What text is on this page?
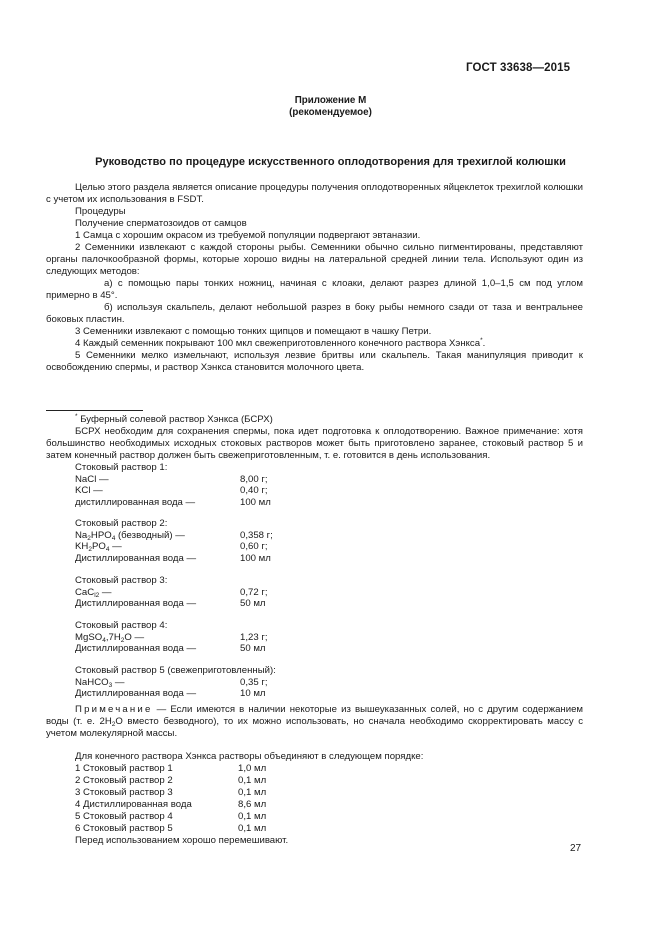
ГОСТ 33638—2015
Приложение М
(рекомендуемое)
Руководство по процедуре искусственного оплодотворения для трехиглой колюшки

Целью этого раздела является описание процедуры получения оплодотворенных яйцеклеток трехиглой колюшки с учетом их использования в FSDT.

Процедуры

Получение сперматозоидов от самцов

1 Самца с хорошим окрасом из требуемой популяции подвергают эвтаназии.

2 Семенники извлекают с каждой стороны рыбы. Семенники обычно сильно пигментированы, представляют органы палочкообразной формы, которые хорошо видны на латеральной средней линии тела. Используют один из следующих методов:

а) с помощью пары тонких ножниц, начиная с клоаки, делают разрез длиной 1,0–1,5 см под углом примерно в 45°.

б) используя скальпель, делают небольшой разрез в боку рыбы немного сзади от таза и вентральнее боковых пластин.

3 Семенники извлекают с помощью тонких щипцов и помещают в чашку Петри.

4 Каждый семенник покрывают 100 мкл свежеприготовленного конечного раствора Хэнкса*.

5 Семенники мелко измельчают, используя лезвие бритвы или скальпель. Такая манипуляция приводит к освобождению спермы, и раствор Хэнкса становится молочного цвета.

* Буферный солевой раствор Хэнкса (БСРХ)

БСРХ необходим для сохранения спермы, пока идет подготовка к оплодотворению. Важное примечание: хотя большинство необходимых исходных стоковых растворов может быть приготовлено заранее, стоковый раствор 5 и затем конечный раствор должен быть свежеприготовленным, т. е. готовится в день использования.

Стоковый раствор 1:
NaCl —	8,00 г;
KCl —	0,40 г;
дистиллированная вода —	100 мл
Стоковый раствор 2:
$Na_2HPO_4$ (безводный) —	0,358 г;
$KH_2PO_4$ —	0,60 г;
Дистиллированная вода —	100 мл
Стоковый раствор 3:
CaC$_{l2}$ —	0,72 г;
Дистиллированная вода —	50 мл
Стоковый раствор 4:
$MgSO_4,7H_2O$ —	1,23 г;
Дистиллированная вода —	50 мл
Стоковый раствор 5 (свежеприготовленный):
NaHCO$_3$ —	0,35 г;
Дистиллированная вода —	10 мл

Примечание — Если имеются в наличии некоторые из вышеуказанных солей, но с другим содержанием воды (т. е. $2H_2O$ вместо безводного), то их можно использовать, но сначала необходимо скорректировать массу с учетом молекулярной массы.

Для конечного раствора Хэнкса растворы объединяют в следующем порядке:
1 Стоковый раствор 1	1,0 мл
2 Стоковый раствор 2	0,1 мл
3 Стоковый раствор 3	0,1 мл
4 Дистиллированная вода	8,6 мл
5 Стоковый раствор 4	0,1 мл
6 Стоковый раствор 5	0,1 мл
Перед использованием хорошо перемешивают.
27
